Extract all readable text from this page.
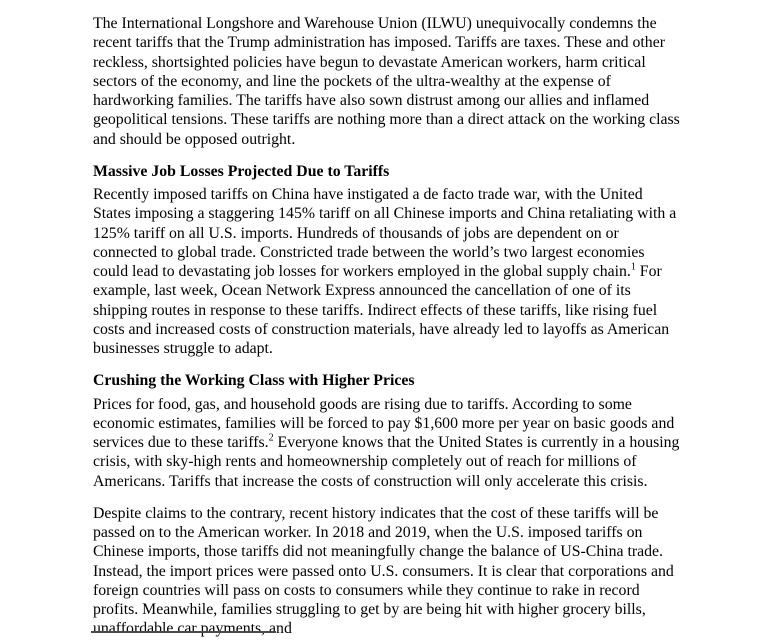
The International Longshore and Warehouse Union (ILWU) unequivocally condemns the recent tariffs that the Trump administration has imposed. Tariffs are taxes. These and other reckless, shortsighted policies have begun to devastate American workers, harm critical sectors of the economy, and line the pockets of the ultra-wealthy at the expense of hardworking families. The tariffs have also sown distrust among our allies and inflamed geopolitical tensions. These tariffs are nothing more than a direct attack on the working class and should be opposed outright.

Massive Job Losses Projected Due to Tariffs

Recently imposed tariffs on China have instigated a de facto trade war, with the United States imposing a staggering 145% tariff on all Chinese imports and China retaliating with a 125% tariff on all U.S. imports. Hundreds of thousands of jobs are dependent on or connected to global trade. Constricted trade between the world’s two largest economies could lead to devastating job losses for workers employed in the global supply chain.$^1$ For example, last week, Ocean Network Express announced the cancellation of one of its shipping routes in response to these tariffs. Indirect effects of these tariffs, like rising fuel costs and increased costs of construction materials, have already led to layoffs as American businesses struggle to adapt.

Crushing the Working Class with Higher Prices

Prices for food, gas, and household goods are rising due to tariffs. According to some economic estimates, families will be forced to pay $1,600 more per year on basic goods and services due to these tariffs.$^2$ Everyone knows that the United States is currently in a housing crisis, with sky-high rents and homeownership completely out of reach for millions of Americans. Tariffs that increase the costs of construction will only accelerate this crisis.

Despite claims to the contrary, recent history indicates that the cost of these tariffs will be passed on to the American worker. In 2018 and 2019, when the U.S. imposed tariffs on Chinese imports, those tariffs did not meaningfully change the balance of US-China trade. Instead, the import prices were passed onto U.S. consumers. It is clear that corporations and foreign countries will pass on costs to consumers while they continue to rake in record profits. Meanwhile, families struggling to get by are being hit with higher grocery bills, unaffordable car payments, and
